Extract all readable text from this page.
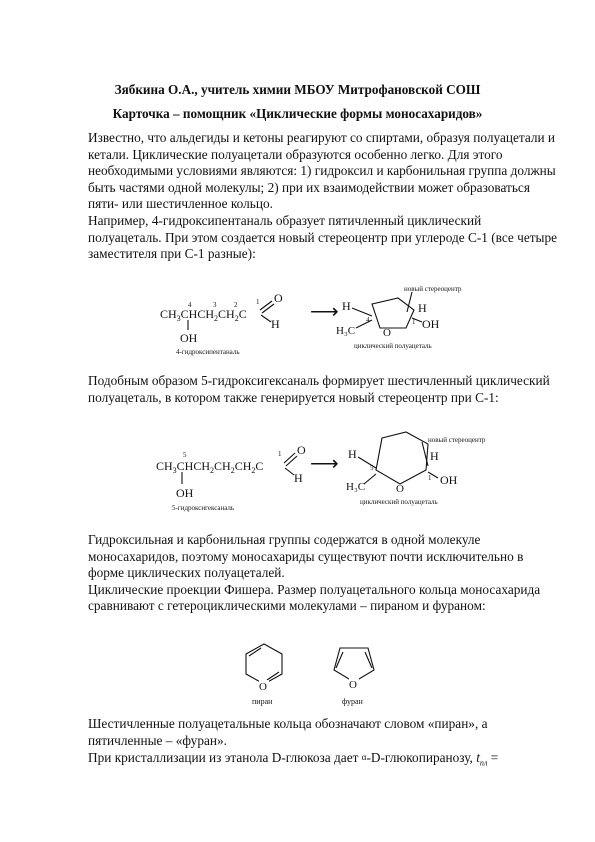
Зябкина О.А., учитель химии МБОУ Митрофановской СОШ
Карточка – помощник «Циклические формы моносахаридов»

Известно, что альдегиды и кетоны реагируют со спиртами, образуя полуацетали и кетали. Циклические полуацетали образуются особенно легко. Для этого необходимыми условиями являются: 1) гидроксил и карбонильная группа должны быть частями одной молекулы; 2) при их взаимодействии может образоваться пяти- или шестичленное кольцо.

Например, 4-гидроксипентаналь образует пятичленный циклический полуацеталь. При этом создается новый стереоцентр при углероде С-1 (все четыре заместителя при С-1 разные):

$CH_3CHCH_2CH_2C$
4	3	2	1 O
H
OH
4-гидроксипентаналь
⟶
O
H
H₃C
4
H
1 OH
новый стереоцентр
циклический полуацеталь

Подобным образом 5-гидроксигексаналь формирует шестичленный циклический полуацеталь, в котором также генерируется новый стереоцентр при С-1:

$CH_3CHCH_2CH_2CH_2C$
5	1 O
H
OH
5-гидроксигексаналь
⟶
O
H
H₃C
5
1
H
OH
новый стереоцентр
циклический полуацеталь

Гидроксильная и карбонильная группы содержатся в одной молекуле моносахаридов, поэтому моносахариды существуют почти исключительно в форме циклических полуацеталей.

Циклические проекции Фишера. Размер полуацетального кольца моносахарида сравнивают с гетероциклическими молекулами – пираном и фураном:

O
пиран
O
фуран

Шестичленные полуацетальные кольца обозначают словом «пиран», а пятичленные – «фуран».

При кристаллизации из этанола D-глюкоза дает α-D-глюкопиранозу, $t_{пл}$ =
